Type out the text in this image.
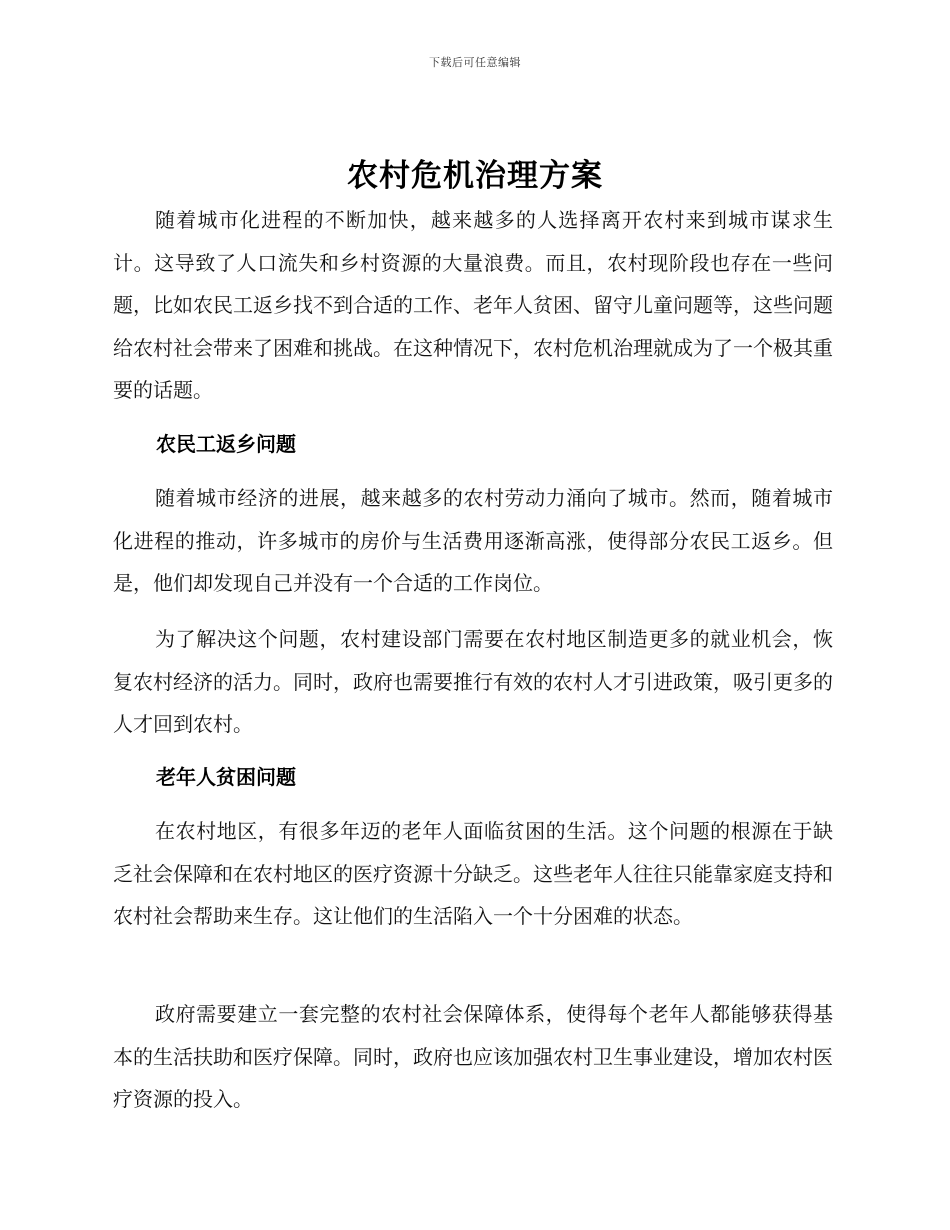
下载后可任意编辑
农村危机治理方案

随着城市化进程的不断加快，越来越多的人选择离开农村来到城市谋求生计。这导致了人口流失和乡村资源的大量浪费。而且，农村现阶段也存在一些问题，比如农民工返乡找不到合适的工作、老年人贫困、留守儿童问题等，这些问题给农村社会带来了困难和挑战。在这种情况下，农村危机治理就成为了一个极其重要的话题。

农民工返乡问题

随着城市经济的进展，越来越多的农村劳动力涌向了城市。然而，随着城市化进程的推动，许多城市的房价与生活费用逐渐高涨，使得部分农民工返乡。但是，他们却发现自己并没有一个合适的工作岗位。

为了解决这个问题，农村建设部门需要在农村地区制造更多的就业机会，恢复农村经济的活力。同时，政府也需要推行有效的农村人才引进政策，吸引更多的人才回到农村。

老年人贫困问题

在农村地区，有很多年迈的老年人面临贫困的生活。这个问题的根源在于缺乏社会保障和在农村地区的医疗资源十分缺乏。这些老年人往往只能靠家庭支持和农村社会帮助来生存。这让他们的生活陷入一个十分困难的状态。

政府需要建立一套完整的农村社会保障体系，使得每个老年人都能够获得基本的生活扶助和医疗保障。同时，政府也应该加强农村卫生事业建设，增加农村医疗资源的投入。
